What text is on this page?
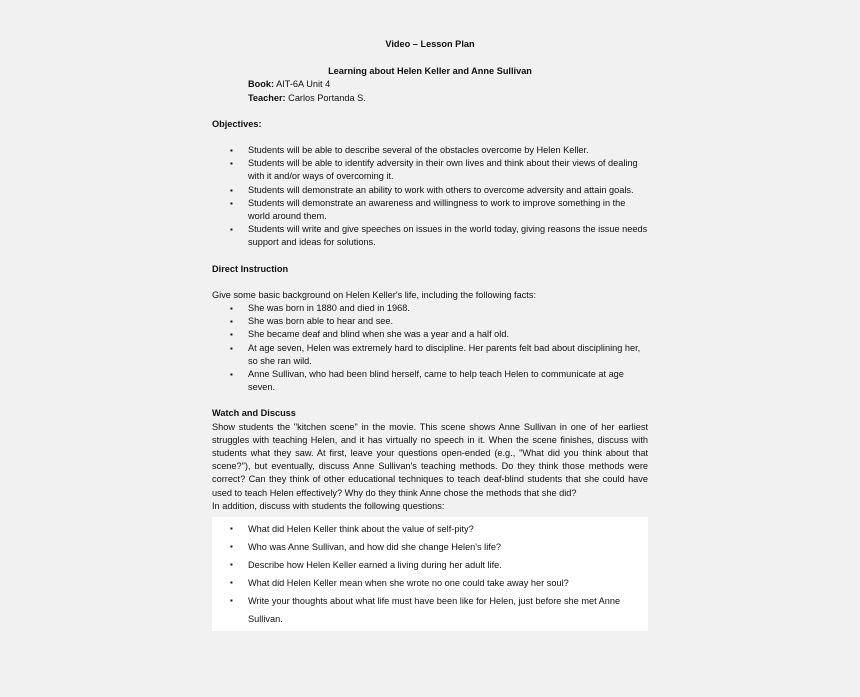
Video – Lesson Plan
Learning about Helen Keller and Anne Sullivan
Book: AIT-6A Unit 4
Teacher: Carlos Portanda S.
Objectives:
▪ Students will be able to describe several of the obstacles overcome by Helen Keller.
▪ Students will be able to identify adversity in their own lives and think about their views of dealing with it and/or ways of overcoming it.
▪ Students will demonstrate an ability to work with others to overcome adversity and attain goals.
▪ Students will demonstrate an awareness and willingness to work to improve something in the world around them.
▪ Students will write and give speeches on issues in the world today, giving reasons the issue needs support and ideas for solutions.
Direct Instruction
Give some basic background on Helen Keller's life, including the following facts:
▪ She was born in 1880 and died in 1968.
▪ She was born able to hear and see.
▪ She became deaf and blind when she was a year and a half old.
▪ At age seven, Helen was extremely hard to discipline. Her parents felt bad about disciplining her, so she ran wild.
▪ Anne Sullivan, who had been blind herself, came to help teach Helen to communicate at age seven.
Watch and Discuss
Show students the "kitchen scene" in the movie. This scene shows Anne Sullivan in one of her earliest struggles with teaching Helen, and it has virtually no speech in it. When the scene finishes, discuss with students what they saw. At first, leave your questions open-ended (e.g., "What did you think about that scene?"), but eventually, discuss Anne Sullivan's teaching methods. Do they think those methods were correct? Can they think of other educational techniques to teach deaf-blind students that she could have used to teach Helen effectively? Why do they think Anne chose the methods that she did?
In addition, discuss with students the following questions:
▪ What did Helen Keller think about the value of self-pity?
▪ Who was Anne Sullivan, and how did she change Helen's life?
▪ Describe how Helen Keller earned a living during her adult life.
▪ What did Helen Keller mean when she wrote no one could take away her soul?
▪ Write your thoughts about what life must have been like for Helen, just before she met Anne Sullivan.
